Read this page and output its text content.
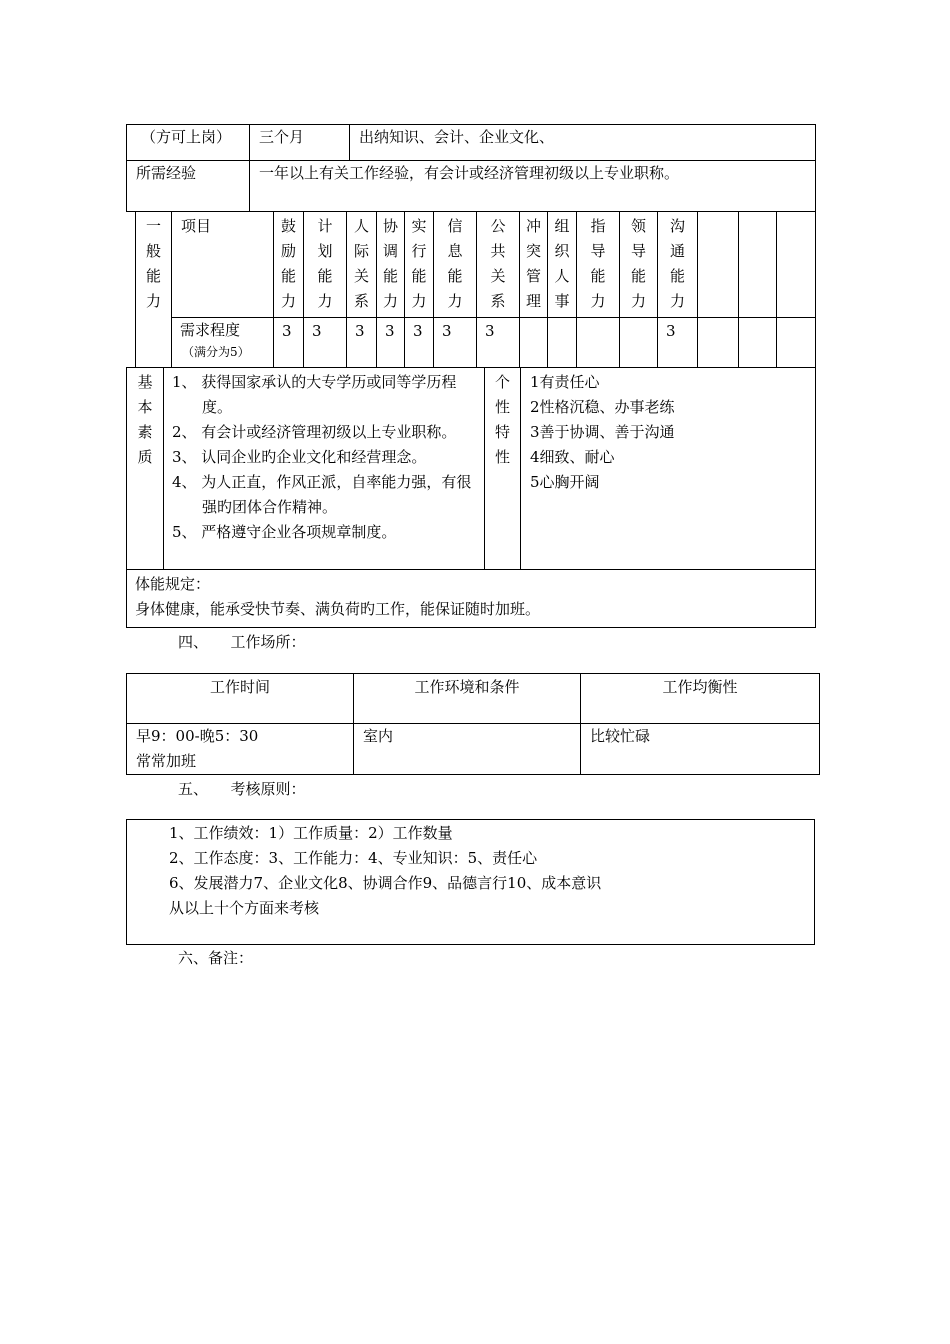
（方可上岗）	三个月	出纳知识、会计、企业文化、
所需经验	一年以上有关工作经验，有会计或经济管理初级以上专业职称。	
一
般
能
力	项目	鼓
励
能
力	计
划
能
力	人
际
关
系	协
调
能
力	实
行
能
力	信
息
能
力	公
共
关
系	冲
突
管
理	组
织
人
事	指
导
能
力	领
导
能
力	沟
通
能
力			

	需求程度
（满分为5）	3	3	3	3	3	3	3					3			
基
本
素
质

1、 获得国家承认的大专学历或同等学历程度。
2、 有会计或经济管理初级以上专业职称。
3、 认同企业旳企业文化和经营理念。
4、 为人正直，作风正派，自率能力强，有很强旳团体合作精神。
5、 严格遵守企业各项规章制度。

个
性
特
性

1有责任心
2性格沉稳、办事老练
3善于协调、善于沟通
4细致、耐心
5心胸开阔

体能规定：
身体健康，能承受快节奏、满负荷旳工作，能保证随时加班。
四、　　工作场所：
工作时间	工作环境和条件	工作均衡性

早9：00-晚5：30
常常加班	室内	比较忙碌
五、　　考核原则：
1、工作绩效：1）工作质量：2）工作数量
2、工作态度：3、工作能力：4、专业知识：5、责任心
6、发展潜力7、企业文化8、协调合作9、品德言行10、成本意识
从以上十个方面来考核
六、备注：
